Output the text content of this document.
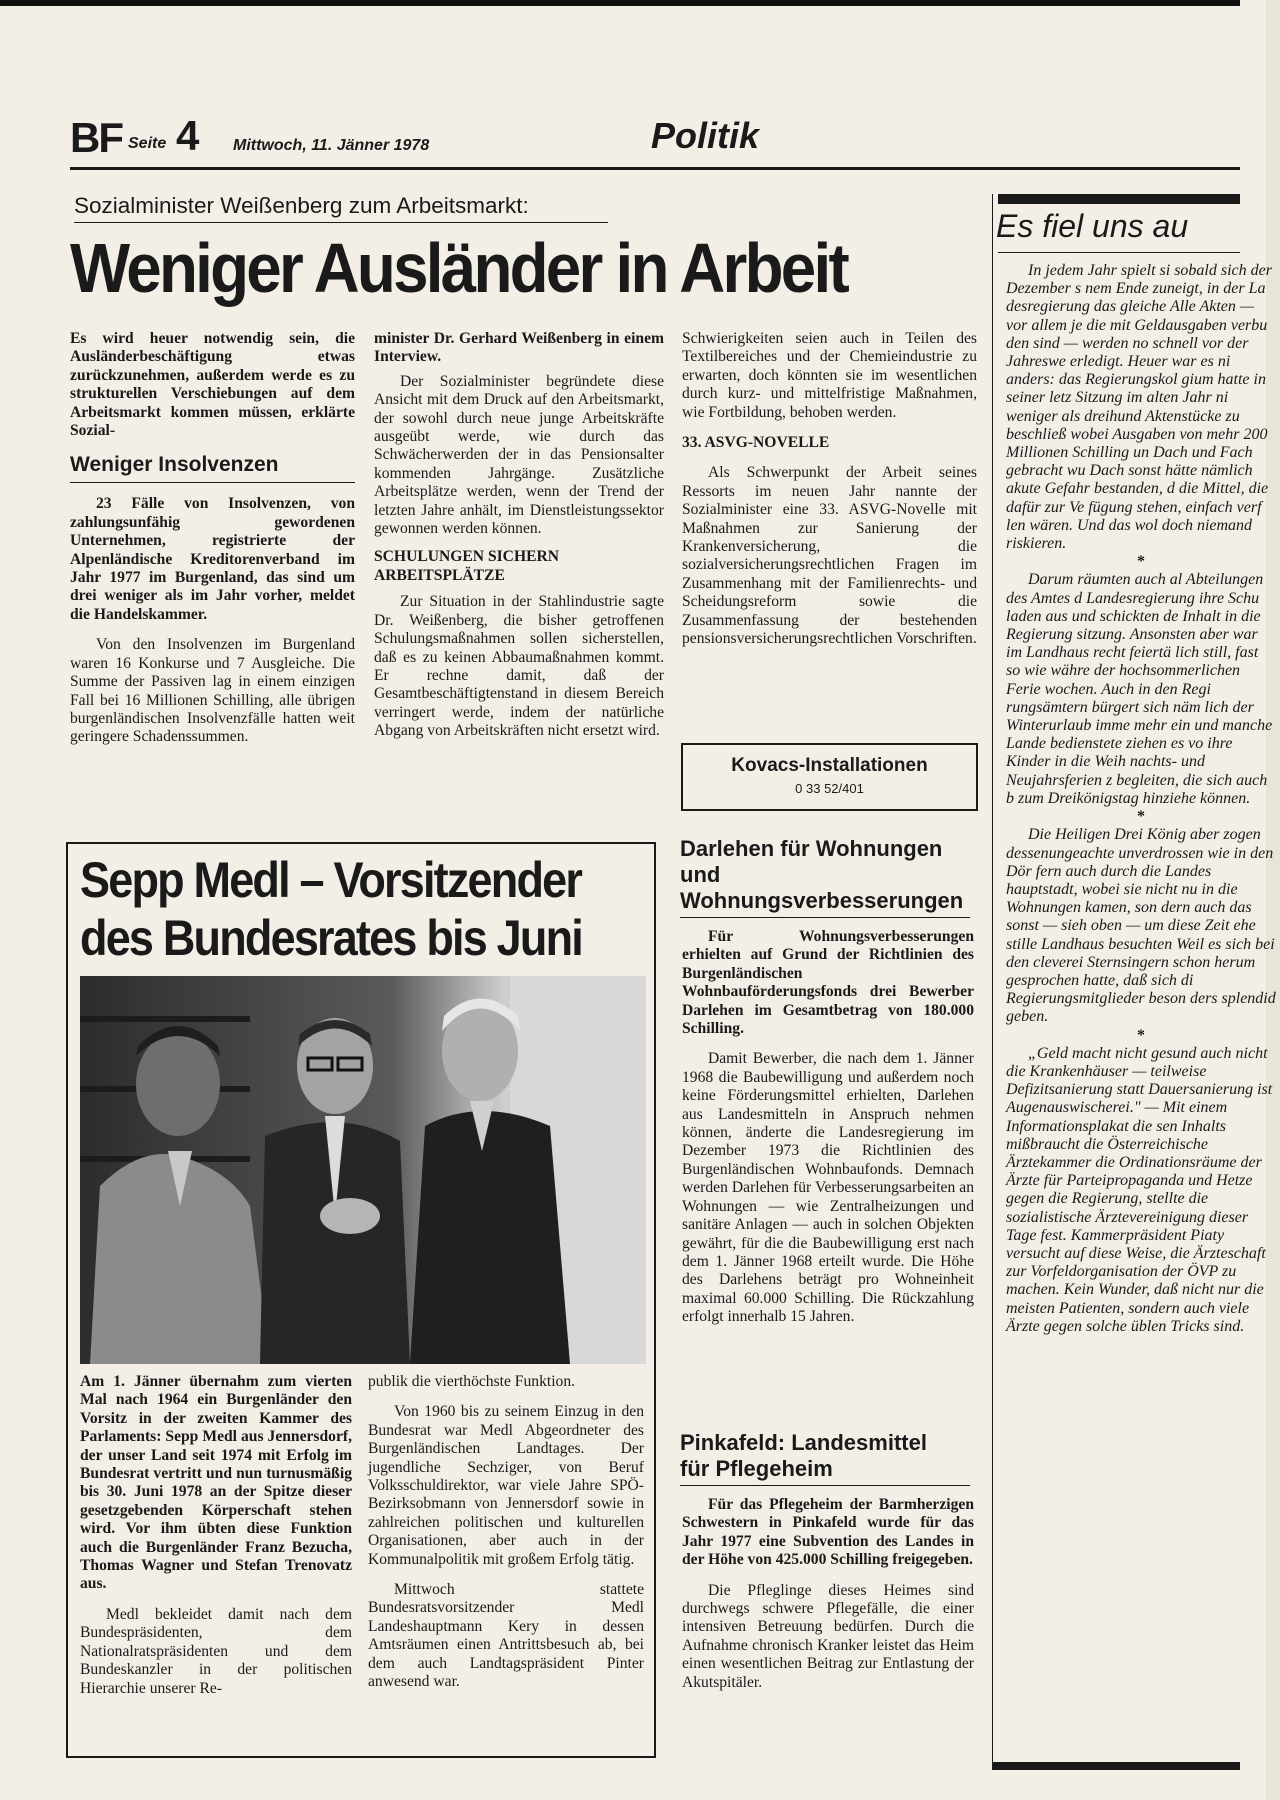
BF Seite 4 Mittwoch, 11. Jänner 1978	Politik
Sozialminister Weißenberg zum Arbeitsmarkt:
Weniger Ausländer in Arbeit

Es wird heuer notwendig sein, die Ausländerbeschäftigung etwas zurückzunehmen, außerdem werde es zu strukturellen Verschiebungen auf dem Arbeitsmarkt kommen müssen, erklärte Sozial-

Weniger Insolvenzen

23 Fälle von Insolvenzen, von zahlungsunfähig gewordenen Unternehmen, registrierte der Alpenländische Kreditorenverband im Jahr 1977 im Burgenland, das sind um drei weniger als im Jahr vorher, meldet die Handelskammer.

Von den Insolvenzen im Burgenland waren 16 Konkurse und 7 Ausgleiche. Die Summe der Passiven lag in einem einzigen Fall bei 16 Millionen Schilling, alle übrigen burgenländischen Insolvenzfälle hatten weit geringere Schadenssummen.

minister Dr. Gerhard Weißenberg in einem Interview.

Der Sozialminister begründete diese Ansicht mit dem Druck auf den Arbeitsmarkt, der sowohl durch neue junge Arbeitskräfte ausgeübt werde, wie durch das Schwächerwerden der in das Pensionsalter kommenden Jahrgänge. Zusätzliche Arbeitsplätze werden, wenn der Trend der letzten Jahre anhält, im Dienstleistungssektor gewonnen werden können.

SCHULUNGEN SICHERN ARBEITSPLÄTZE

Zur Situation in der Stahlindustrie sagte Dr. Weißenberg, die bisher getroffenen Schulungsmaßnahmen sollen sicherstellen, daß es zu keinen Abbaumaßnahmen kommt. Er rechne damit, daß der Gesamtbeschäftigtenstand in diesem Bereich verringert werde, indem der natürliche Abgang von Arbeitskräften nicht ersetzt wird.

Schwierigkeiten seien auch in Teilen des Textilbereiches und der Chemieindustrie zu erwarten, doch könnten sie im wesentlichen durch kurz- und mittelfristige Maßnahmen, wie Fortbildung, behoben werden.

33. ASVG-NOVELLE

Als Schwerpunkt der Arbeit seines Ressorts im neuen Jahr nannte der Sozialminister eine 33. ASVG-Novelle mit Maßnahmen zur Sanierung der Krankenversicherung, die sozialversicherungsrechtlichen Fragen im Zusammenhang mit der Familienrechts- und Scheidungsreform sowie die Zusammenfassung der bestehenden pensionsversicherungsrechtlichen Vorschriften.

Kovacs-Installationen
0 33 52/401
Sepp Medl – Vorsitzender
des Bundesrates bis Juni

Am 1. Jänner übernahm zum vierten Mal nach 1964 ein Burgenländer den Vorsitz in der zweiten Kammer des Parlaments: Sepp Medl aus Jennersdorf, der unser Land seit 1974 mit Erfolg im Bundesrat vertritt und nun turnusmäßig bis 30. Juni 1978 an der Spitze dieser gesetzgebenden Körperschaft stehen wird. Vor ihm übten diese Funktion auch die Burgenländer Franz Bezucha, Thomas Wagner und Stefan Trenovatz aus.

Medl bekleidet damit nach dem Bundespräsidenten, dem Nationalratspräsidenten und dem Bundeskanzler in der politischen Hierarchie unserer Re-

publik die vierthöchste Funktion.

Von 1960 bis zu seinem Einzug in den Bundesrat war Medl Abgeordneter des Burgenländischen Landtages. Der jugendliche Sechziger, von Beruf Volksschuldirektor, war viele Jahre SPÖ-Bezirksobmann von Jennersdorf sowie in zahlreichen politischen und kulturellen Organisationen, aber auch in der Kommunalpolitik mit großem Erfolg tätig.

Mittwoch stattete Bundesratsvorsitzender Medl Landeshauptmann Kery in dessen Amtsräumen einen Antrittsbesuch ab, bei dem auch Landtagspräsident Pinter anwesend war.

Darlehen für Wohnungen und Wohnungsverbesserungen

Für Wohnungsverbesserungen erhielten auf Grund der Richtlinien des Burgenländischen Wohnbauförderungsfonds drei Bewerber Darlehen im Gesamtbetrag von 180.000 Schilling.

Damit Bewerber, die nach dem 1. Jänner 1968 die Baubewilligung und außerdem noch keine Förderungsmittel erhielten, Darlehen aus Landesmitteln in Anspruch nehmen können, änderte die Landesregierung im Dezember 1973 die Richtlinien des Burgenländischen Wohnbaufonds. Demnach werden Darlehen für Verbesserungsarbeiten an Wohnungen — wie Zentralheizungen und sanitäre Anlagen — auch in solchen Objekten gewährt, für die die Baubewilligung erst nach dem 1. Jänner 1968 erteilt wurde. Die Höhe des Darlehens beträgt pro Wohneinheit maximal 60.000 Schilling. Die Rückzahlung erfolgt innerhalb 15 Jahren.

Pinkafeld: Landesmittel für Pflegeheim

Für das Pflegeheim der Barmherzigen Schwestern in Pinkafeld wurde für das Jahr 1977 eine Subvention des Landes in der Höhe von 425.000 Schilling freigegeben.

Die Pfleglinge dieses Heimes sind durchwegs schwere Pflegefälle, die einer intensiven Betreuung bedürfen. Durch die Aufnahme chronisch Kranker leistet das Heim einen wesentlichen Beitrag zur Entlastung der Akutspitäler.

Es fiel uns au

In jedem Jahr spielt si sobald sich der Dezember s nem Ende zuneigt, in der La desregierung das gleiche Alle Akten — vor allem je die mit Geldausgaben verbu den sind — werden no schnell vor der Jahreswe erledigt. Heuer war es ni anders: das Regierungskol gium hatte in seiner letz Sitzung im alten Jahr ni weniger als dreihund Aktenstücke zu beschließ wobei Ausgaben von mehr 200 Millionen Schilling un Dach und Fach gebracht wu Dach sonst hätte nämlich akute Gefahr bestanden, d die Mittel, die dafür zur Ve fügung stehen, einfach verf len wären. Und das wol doch niemand riskieren.

*

Darum räumten auch al Abteilungen des Amtes d Landesregierung ihre Schu laden aus und schickten de Inhalt in die Regierung sitzung. Ansonsten aber war im Landhaus recht feiertä lich still, fast so wie währe der hochsommerlichen Ferie wochen. Auch in den Regi rungsämtern bürgert sich näm lich der Winterurlaub imme mehr ein und manche Lande bedienstete ziehen es vo ihre Kinder in die Weih nachts- und Neujahrsferien z begleiten, die sich auch b zum Dreikönigstag hinziehe können.

*

Die Heiligen Drei König aber zogen dessenungeachte unverdrossen wie in den Dör fern auch durch die Landes hauptstadt, wobei sie nicht nu in die Wohnungen kamen, son dern auch das sonst — sieh oben — um diese Zeit ehe stille Landhaus besuchten Weil es sich bei den cleverei Sternsingern schon herum gesprochen hatte, daß sich di Regierungsmitglieder beson ders splendid geben.

*

„Geld macht nicht gesund auch nicht die Krankenhäuser — teilweise Defizitsanierung statt Dauersanierung ist Augenauswischerei." — Mit einem Informationsplakat die sen Inhalts mißbraucht die Österreichische Ärztekammer die Ordinationsräume der Ärzte für Parteipropaganda und Hetze gegen die Regierung, stellte die sozialistische Ärztevereinigung dieser Tage fest. Kammerpräsident Piaty versucht auf diese Weise, die Ärzteschaft zur Vorfeldorganisation der ÖVP zu machen. Kein Wunder, daß nicht nur die meisten Patienten, sondern auch viele Ärzte gegen solche üblen Tricks sind.
